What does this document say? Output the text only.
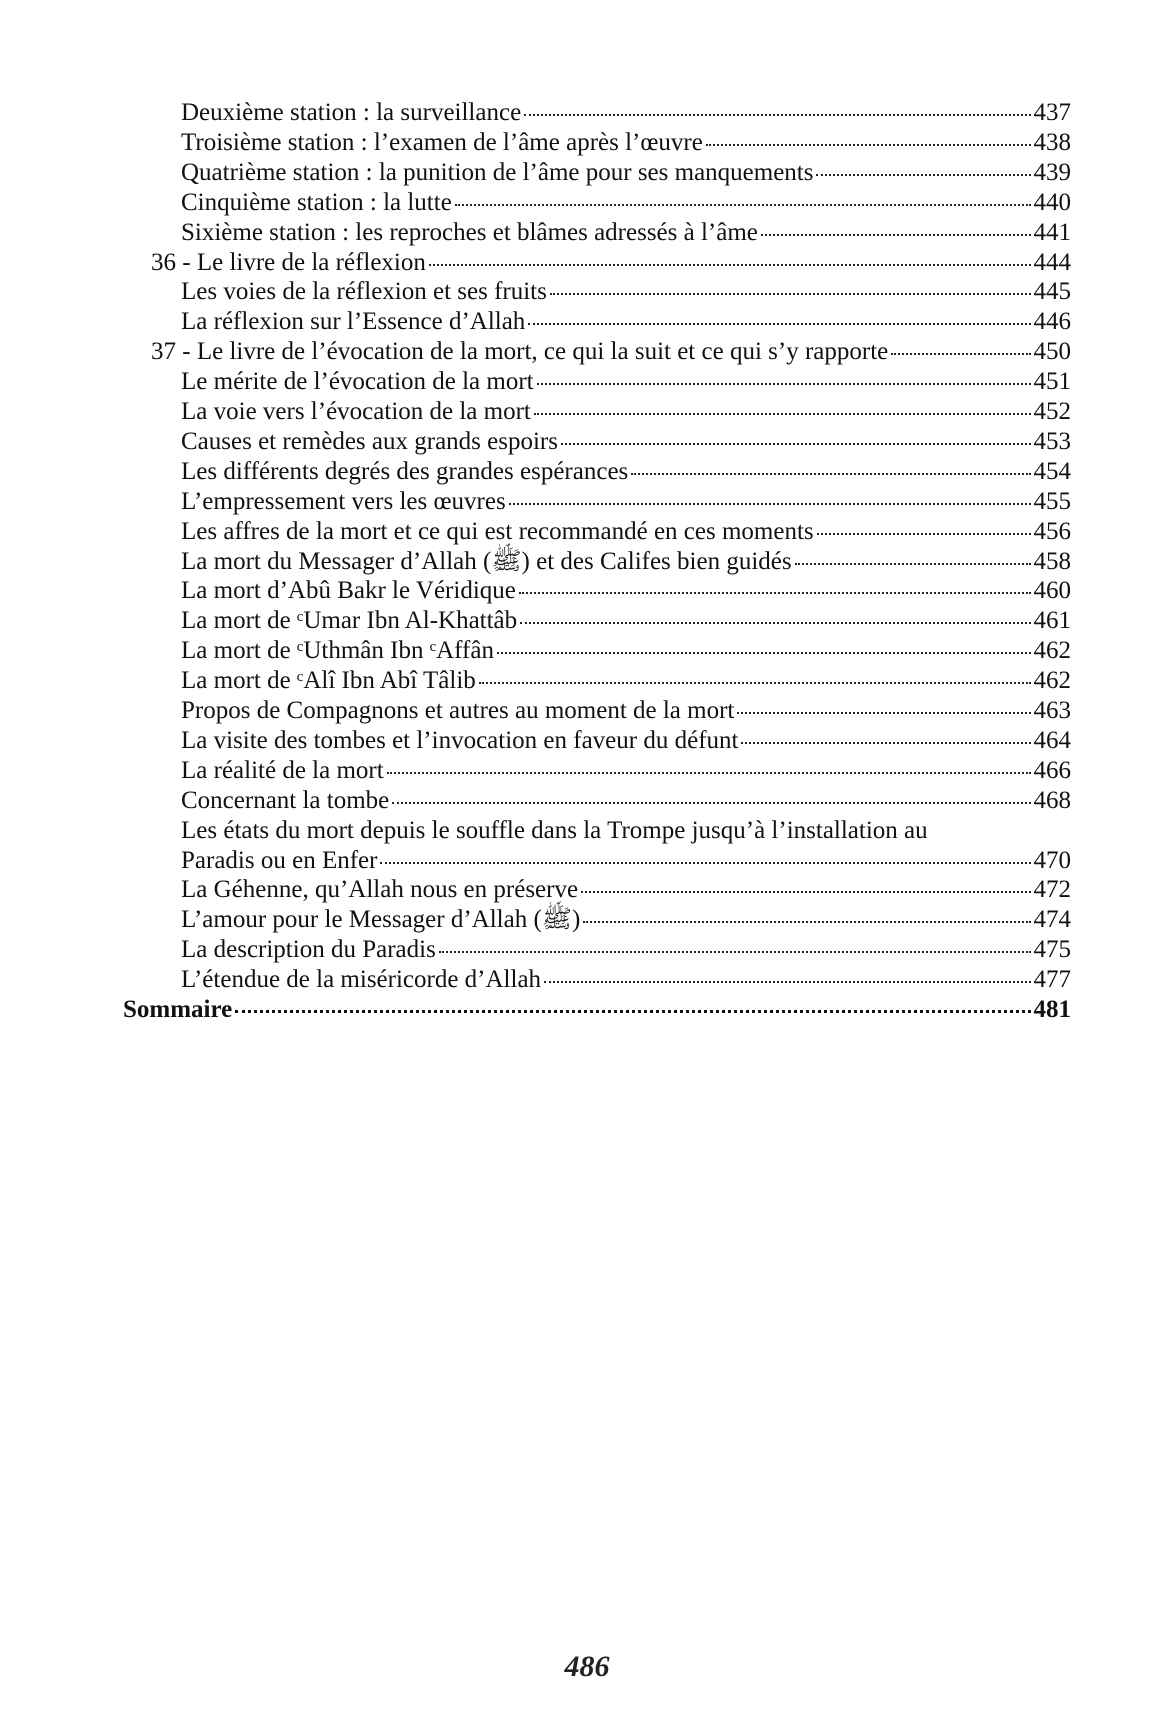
Deuxième station : la surveillance	437
Troisième station : l’examen de l’âme après l’œuvre	438
Quatrième station : la punition de l’âme pour ses manquements	439
Cinquième station : la lutte	440
Sixième station : les reproches et blâmes adressés à l’âme	441
36 - Le livre de la réflexion	444
Les voies de la réflexion et ses fruits	445
La réflexion sur l’Essence d’Allah	446
37 - Le livre de l’évocation de la mort, ce qui la suit et ce qui s’y rapporte	450
Le mérite de l’évocation de la mort	451
La voie vers l’évocation de la mort	452
Causes et remèdes aux grands espoirs	453
Les différents degrés des grandes espérances	454
L’empressement vers les œuvres	455
Les affres de la mort et ce qui est recommandé en ces moments	456
La mort du Messager d’Allah (ﷺ) et des Califes bien guidés	458
La mort d’Abû Bakr le Véridique	460
La mort de ᶜUmar Ibn Al-Khattâb	461
La mort de ᶜUthmân Ibn ᶜAffân	462
La mort de ᶜAlî Ibn Abî Tâlib	462
Propos de Compagnons et autres au moment de la mort	463
La visite des tombes et l’invocation en faveur du défunt	464
La réalité de la mort	466
Concernant la tombe	468
Les états du mort depuis le souffle dans la Trompe jusqu’à l’installation au
Paradis ou en Enfer	470
La Géhenne, qu’Allah nous en préserve	472
L’amour pour le Messager d’Allah (ﷺ)	474
La description du Paradis	475
L’étendue de la miséricorde d’Allah	477
Sommaire	481
486
